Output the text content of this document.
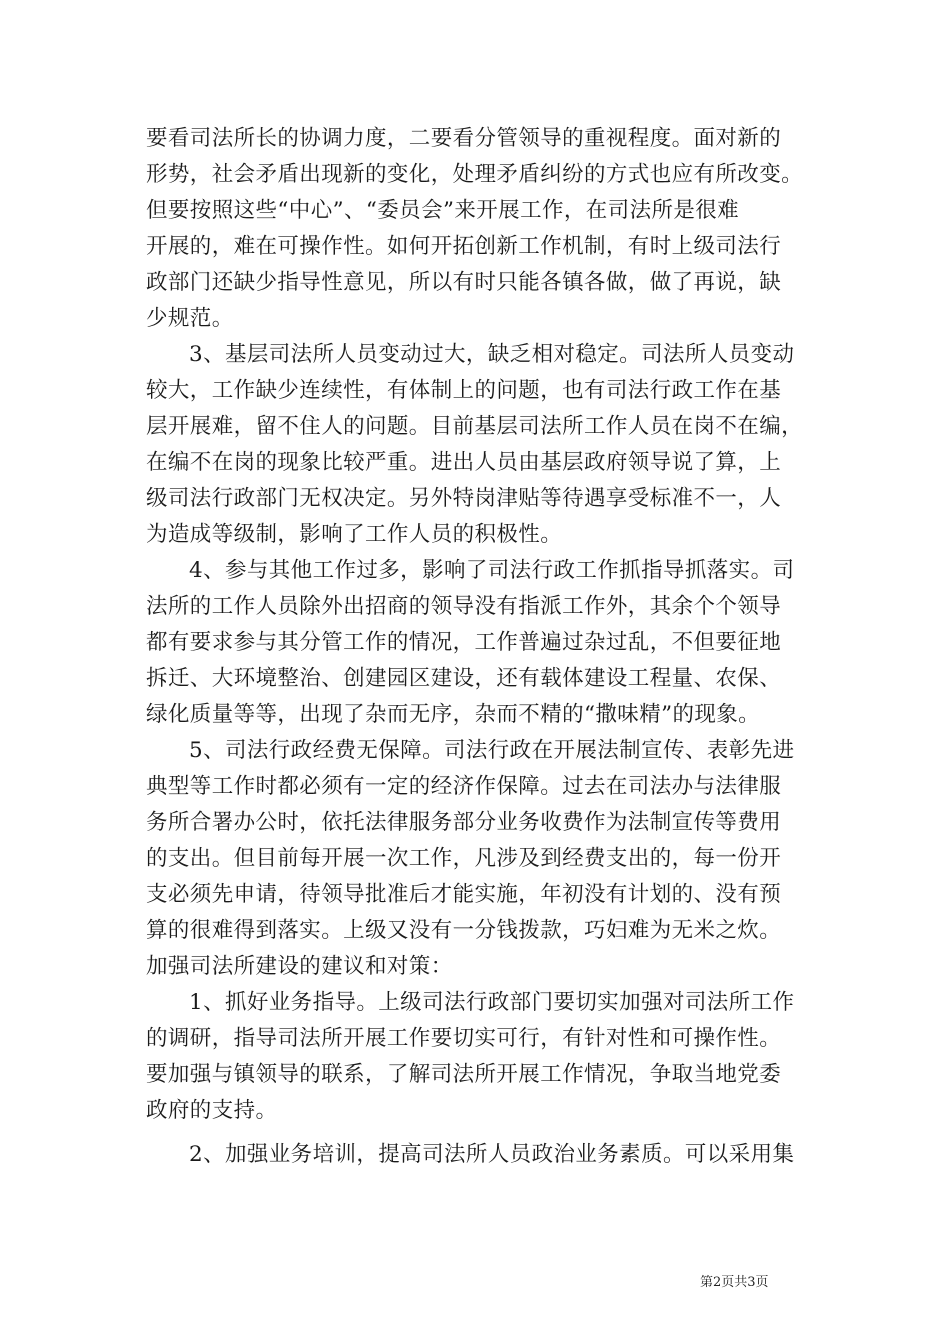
要看司法所长的协调力度，二要看分管领导的重视程度。面对新的
形势，社会矛盾出现新的变化，处理矛盾纠纷的方式也应有所改变。
但要按照这些“中心”、“委员会”来开展工作，在司法所是很难
开展的，难在可操作性。如何开拓创新工作机制，有时上级司法行
政部门还缺少指导性意见，所以有时只能各镇各做，做了再说，缺
少规范。
3、基层司法所人员变动过大，缺乏相对稳定。司法所人员变动
较大，工作缺少连续性，有体制上的问题，也有司法行政工作在基
层开展难，留不住人的问题。目前基层司法所工作人员在岗不在编，
在编不在岗的现象比较严重。进出人员由基层政府领导说了算，上
级司法行政部门无权决定。另外特岗津贴等待遇享受标准不一，人
为造成等级制，影响了工作人员的积极性。
4、参与其他工作过多，影响了司法行政工作抓指导抓落实。司
法所的工作人员除外出招商的领导没有指派工作外，其余个个领导
都有要求参与其分管工作的情况，工作普遍过杂过乱，不但要征地
拆迁、大环境整治、创建园区建设，还有载体建设工程量、农保、
绿化质量等等，出现了杂而无序，杂而不精的“撒味精”的现象。
5、司法行政经费无保障。司法行政在开展法制宣传、表彰先进
典型等工作时都必须有一定的经济作保障。过去在司法办与法律服
务所合署办公时，依托法律服务部分业务收费作为法制宣传等费用
的支出。但目前每开展一次工作，凡涉及到经费支出的，每一份开
支必须先申请，待领导批准后才能实施，年初没有计划的、没有预
算的很难得到落实。上级又没有一分钱拨款，巧妇难为无米之炊。
加强司法所建设的建议和对策：
1、抓好业务指导。上级司法行政部门要切实加强对司法所工作
的调研，指导司法所开展工作要切实可行，有针对性和可操作性。
要加强与镇领导的联系，了解司法所开展工作情况，争取当地党委
政府的支持。
2、加强业务培训，提高司法所人员政治业务素质。可以采用集
第2页共3页
